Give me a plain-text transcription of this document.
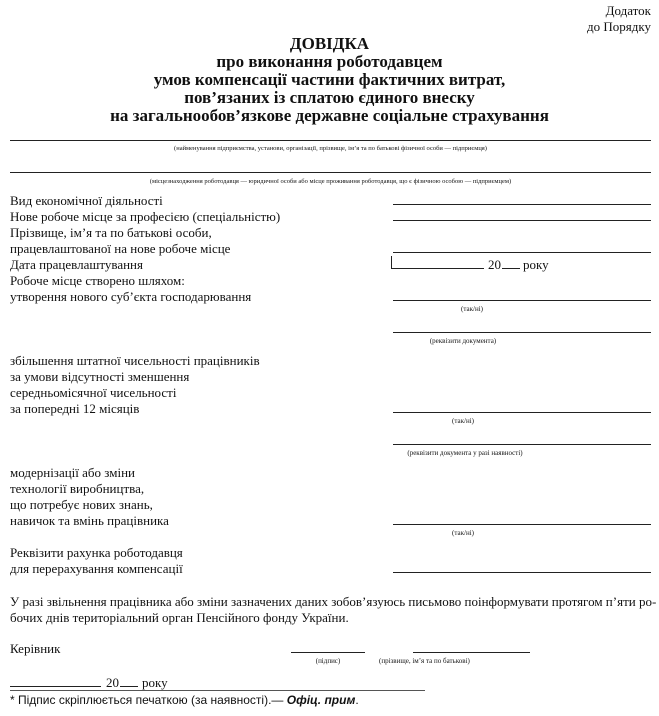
Додаток
до Порядку
ДОВІДКА
про виконання роботодавцем
умов компенсації частини фактичних витрат,
пов’язаних із сплатою єдиного внеску
на загальнообов’язкове державне соціальне страхування
(найменування підприємства, установи, організації, прізвище, ім’я та по батькові фізичної особи — підприємця)
(місцезнаходження роботодавця — юридичної особи або місце проживання роботодавця, що є фізичною особою — підприємцем)
Вид економічної діяльності
Нове робоче місце за професією (спеціальністю)
Прізвище, ім’я та по батькові особи,
працевлаштованої на нове робоче місце
Дата працевлаштування	20 року
Робоче місце створено шляхом:
утворення нового суб’єкта господарювання
(так/ні)
(реквізити документа)
збільшення штатної чисельності працівників
за умови відсутності зменшення
середньомісячної чисельності
за попередні 12 місяців
(так/ні)
(реквізити документа у разі наявності)
модернізації або зміни
технології виробництва,
що потребує нових знань,
навичок та вмінь працівника
(так/ні)
Реквізити рахунка роботодавця
для перерахування компенсації
У разі звільнення працівника або зміни зазначених даних зобов’язуюсь письмово поінформувати протягом п’яти ро-
бочих днів територіальний орган Пенсійного фонду України.
Керівник
(підпис)	(прізвище, ім’я та по батькові)
20 року
* Підпис скріплюється печаткою (за наявності).— Офіц. прим.
